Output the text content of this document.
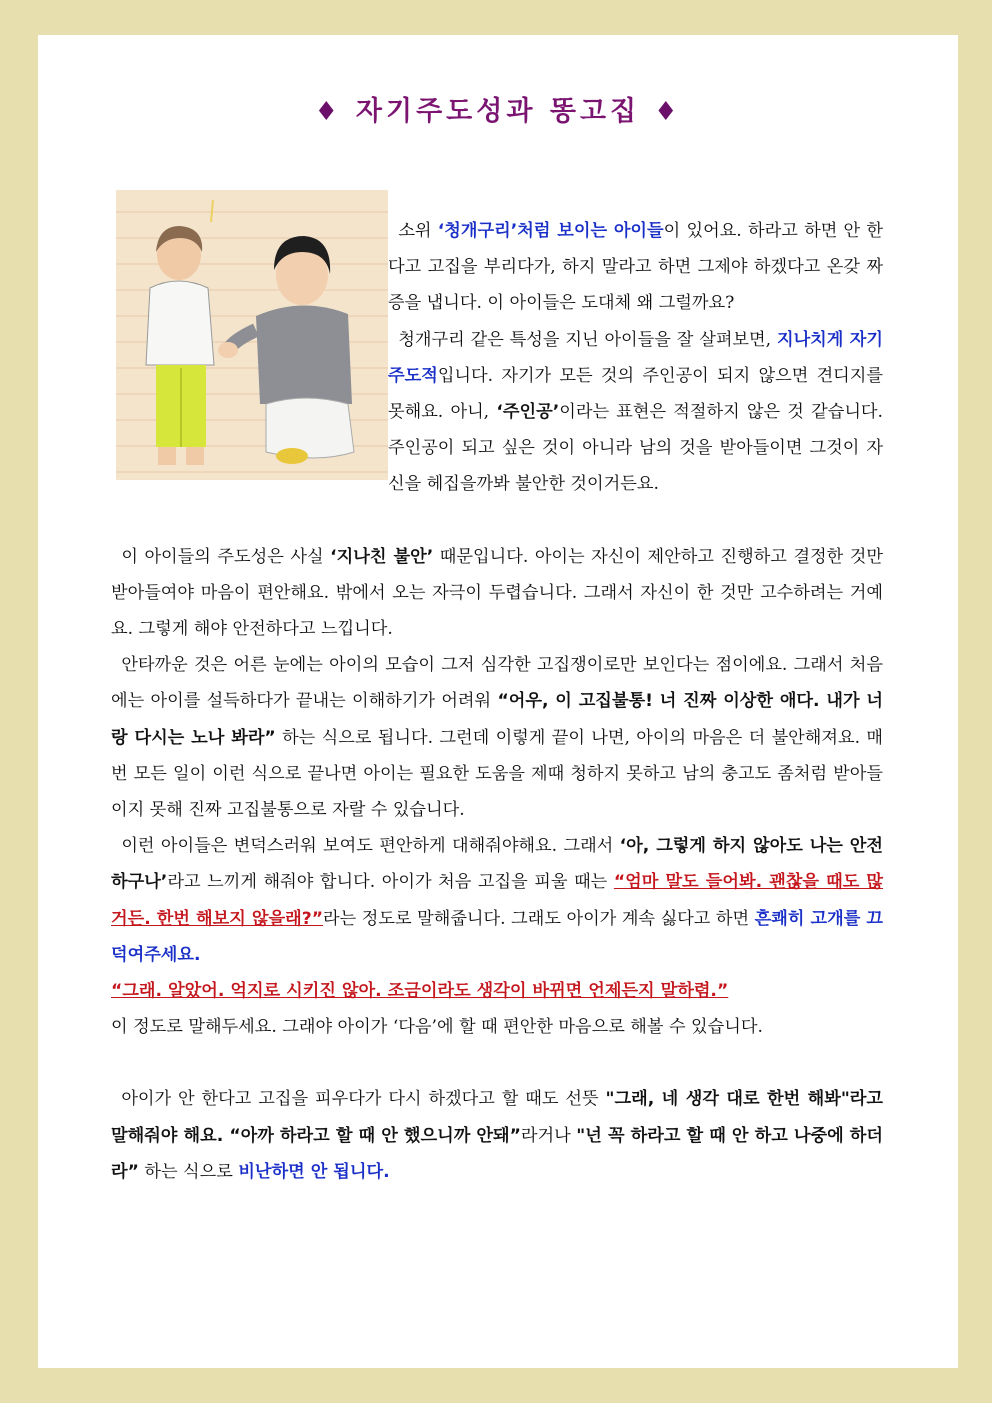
♦ 자기주도성과 똥고집 ♦

소위 ‘청개구리’처럼 보이는 아이들이 있어요. 하라고 하면 안 한다고 고집을 부리다가, 하지 말라고 하면 그제야 하겠다고 온갖 짜증을 냅니다. 이 아이들은 도대체 왜 그럴까요?

청개구리 같은 특성을 지닌 아이들을 잘 살펴보면, 지나치게 자기 주도적입니다. 자기가 모든 것의 주인공이 되지 않으면 견디지를 못해요. 아니, ‘주인공’이라는 표현은 적절하지 않은 것 같습니다. 주인공이 되고 싶은 것이 아니라 남의 것을 받아들이면 그것이 자신을 헤집을까봐 불안한 것이거든요.

이 아이들의 주도성은 사실 ‘지나친 불안’ 때문입니다. 아이는 자신이 제안하고 진행하고 결정한 것만 받아들여야 마음이 편안해요. 밖에서 오는 자극이 두렵습니다. 그래서 자신이 한 것만 고수하려는 거예요. 그렇게 해야 안전하다고 느낍니다.

안타까운 것은 어른 눈에는 아이의 모습이 그저 심각한 고집쟁이로만 보인다는 점이에요. 그래서 처음에는 아이를 설득하다가 끝내는 이해하기가 어려워 “어우, 이 고집불통! 너 진짜 이상한 애다. 내가 너랑 다시는 노나 봐라” 하는 식으로 됩니다. 그런데 이렇게 끝이 나면, 아이의 마음은 더 불안해져요. 매번 모든 일이 이런 식으로 끝나면 아이는 필요한 도움을 제때 청하지 못하고 남의 충고도 좀처럼 받아들이지 못해 진짜 고집불통으로 자랄 수 있습니다.

이런 아이들은 변덕스러워 보여도 편안하게 대해줘야해요. 그래서 ‘아, 그렇게 하지 않아도 나는 안전하구나’라고 느끼게 해줘야 합니다. 아이가 처음 고집을 피울 때는 “엄마 말도 들어봐. 괜찮을 때도 많거든. 한번 해보지 않을래?”라는 정도로 말해줍니다. 그래도 아이가 계속 싫다고 하면 흔쾌히 고개를 끄덕여주세요.

“그래. 알았어. 억지로 시키진 않아. 조금이라도 생각이 바뀌면 언제든지 말하렴.”

이 정도로 말해두세요. 그래야 아이가 ‘다음’에 할 때 편안한 마음으로 해볼 수 있습니다.

아이가 안 한다고 고집을 피우다가 다시 하겠다고 할 때도 선뜻 "그래, 네 생각 대로 한번 해봐"라고 말해줘야 해요. “아까 하라고 할 때 안 했으니까 안돼”라거나 "넌 꼭 하라고 할 때 안 하고 나중에 하더라” 하는 식으로 비난하면 안 됩니다.
